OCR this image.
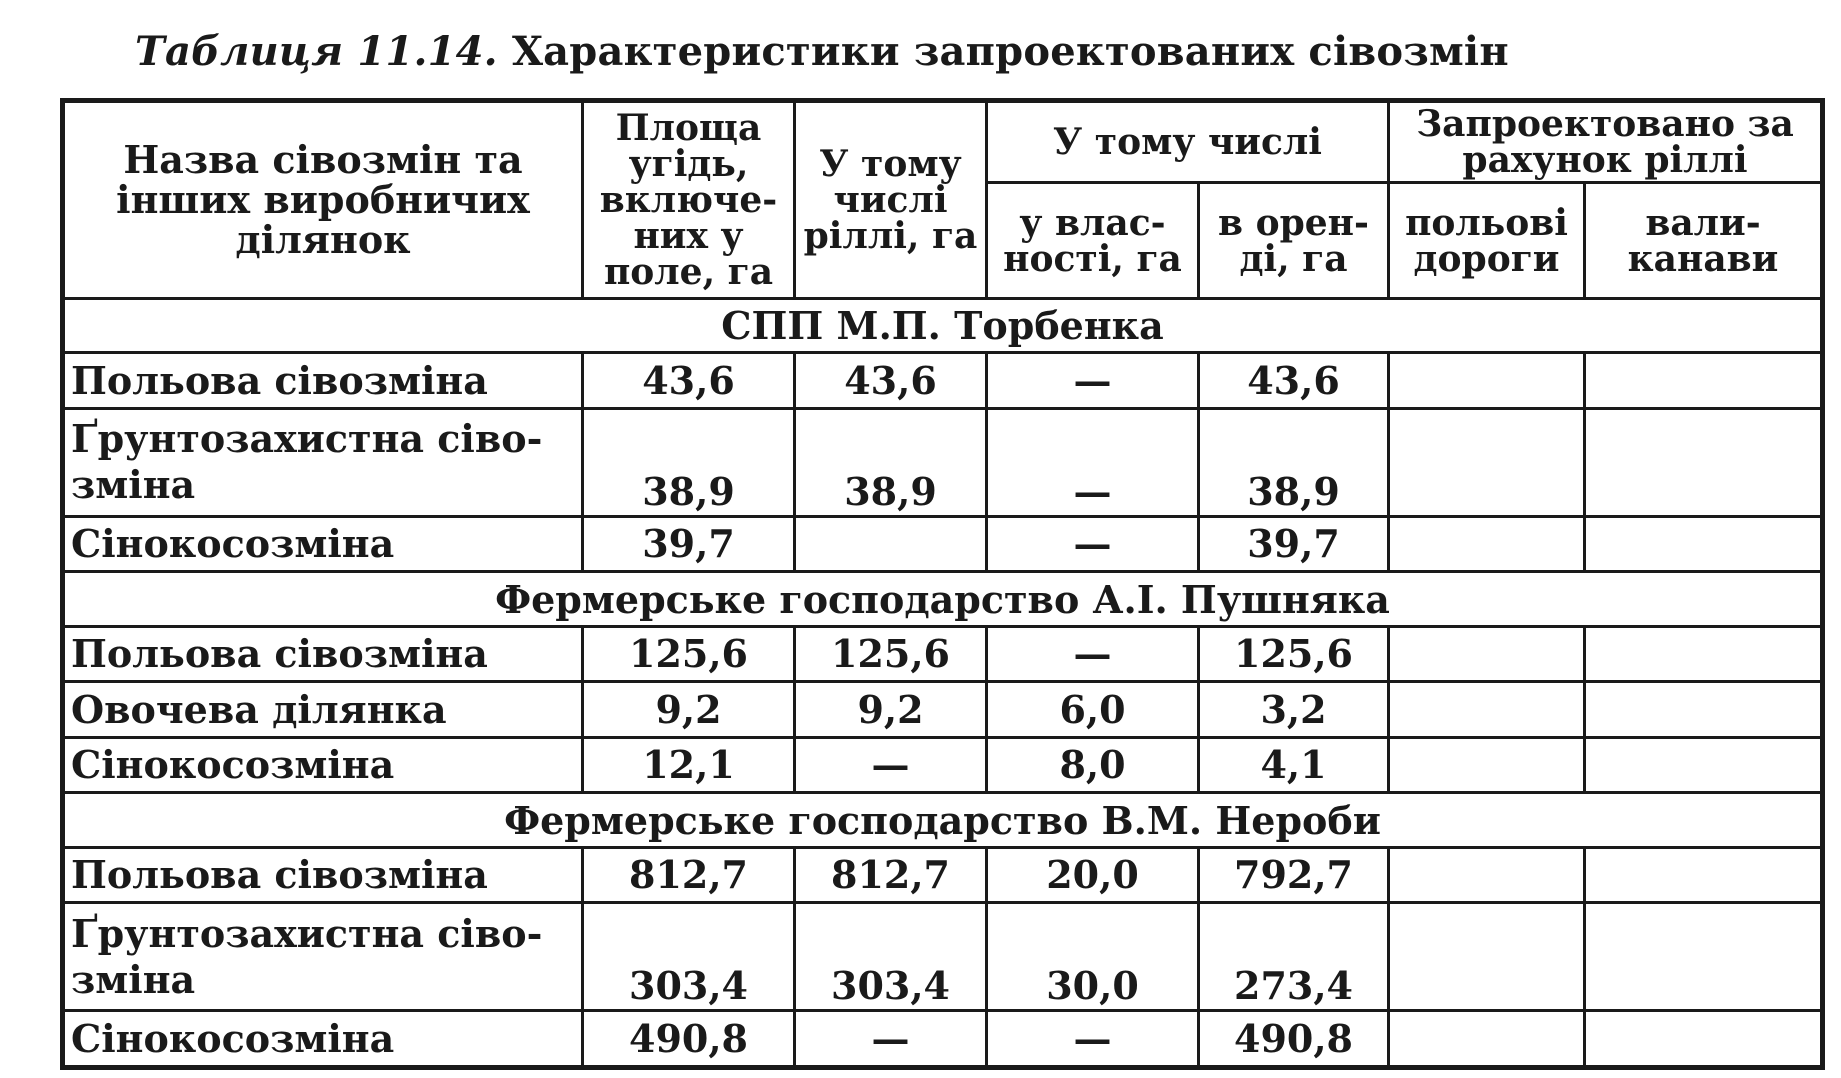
Таблиця 11.14. Характеристики запроектованих сівозмін
Назва сівозмін та інших виробничих ділянок	Площа угідь, включе-них у поле, га	У тому числі ріллі, га	У тому числі		Запроектовано за рахунок ріллі	
			у влас-ності, га	в орен-ді, га	польові дороги	вали-канави
СПП М.П. Торбенка						

Польова сівозміна	43,6	43,6	—	43,6		

Ґрунтозахистна сіво-
зміна	38,9	38,9	—	38,9		

Сінокосозміна	39,7		—	39,7		
Фермерське господарство А.І. Пушняка						

Польова сівозміна	125,6	125,6	—	125,6		

Овочева ділянка	9,2	9,2	6,0	3,2		

Сінокосозміна	12,1	—	8,0	4,1		
Фермерське господарство В.М. Нероби						

Польова сівозміна	812,7	812,7	20,0	792,7		

Ґрунтозахистна сіво-
зміна	303,4	303,4	30,0	273,4		

Сінокосозміна	490,8	—	—	490,8		
